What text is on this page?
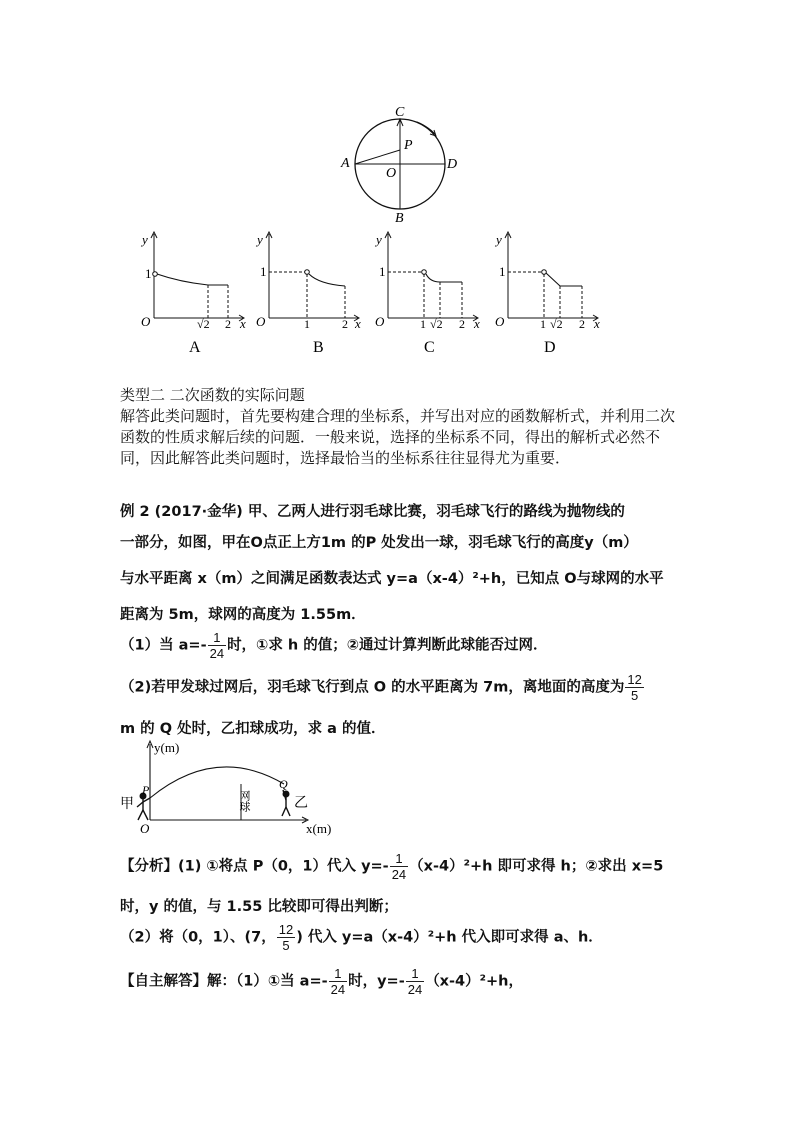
C
P
A
O
D
B
y
1
O	√2 2 x
A
y
1
O	1	2 x
B
y
1
O	1 √2 2 x
C
y
1
O	1 √2 2 x
D
类型二 二次函数的实际问题
解答此类问题时，首先要构建合理的坐标系，并写出对应的函数解析式，并利用二次函数的性质求解后续的问题．一般来说，选择的坐标系不同，得出的解析式必然不同，因此解答此类问题时，选择最恰当的坐标系往往显得尤为重要．
例 2 (2017·金华) 甲、乙两人进行羽毛球比赛，羽毛球飞行的路线为抛物线的
一部分，如图，甲在O点正上方1m 的P 处发出一球，羽毛球飞行的高度y（m）
与水平距离 x（m）之间满足函数表达式 y=a（x-4）²+h，已知点 O与球网的水平
距离为 5m，球网的高度为 1.55m．
（1）当 $a=- \frac{1}{24}$ 时，①求 h 的值；②通过计算判断此球能否过网．
（2)若甲发球过网后，羽毛球飞行到点 O 的水平距离为 7m，离地面的高度为 $\frac{12}{5}$
m 的 Q 处时，乙扣球成功，求 a 的值．
y(m)
x(m)
O
P	Q
甲	乙
网球
【分析】(1) ①将点 P（0，1）代入 $y=- \frac{1}{24} (x-4)^2+h$ 即可求得 h；②求出 x=5
时，y 的值，与 1.55 比较即可得出判断；
（2）将（0，1）、(7， $\frac{12}{5}$ ) 代入 y=a（x-4）²+h 代入即可求得 a、h．
【自主解答】解：（1）①当 $a=- \frac{1}{24}$ 时，$y=- \frac{1}{24} (x-4)^2+h$，
